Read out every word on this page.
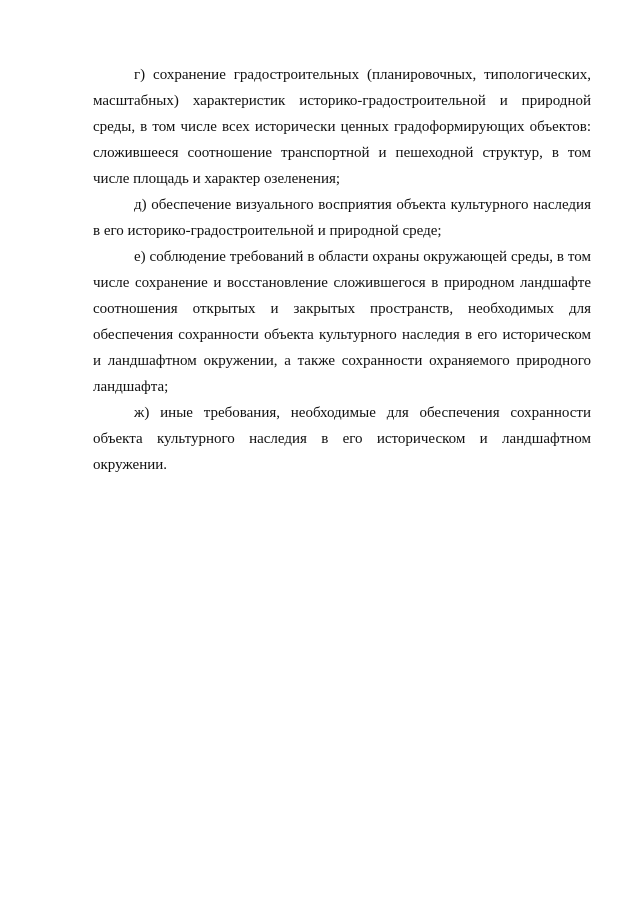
г) сохранение градостроительных (планировочных, типологических, масштабных) характеристик историко-градостроительной и природной среды, в том числе всех исторически ценных градоформирующих объектов: сложившееся соотношение транспортной и пешеходной структур, в том числе площадь и характер озеленения;

д) обеспечение визуального восприятия объекта культурного наследия в его историко-градостроительной и природной среде;

е) соблюдение требований в области охраны окружающей среды, в том числе сохранение и восстановление сложившегося в природном ландшафте соотношения открытых и закрытых пространств, необходимых для обеспечения сохранности объекта культурного наследия в его историческом и ландшафтном окружении, а также сохранности охраняемого природного ландшафта;

ж) иные требования, необходимые для обеспечения сохранности объекта культурного наследия в его историческом и ландшафтном окружении.
